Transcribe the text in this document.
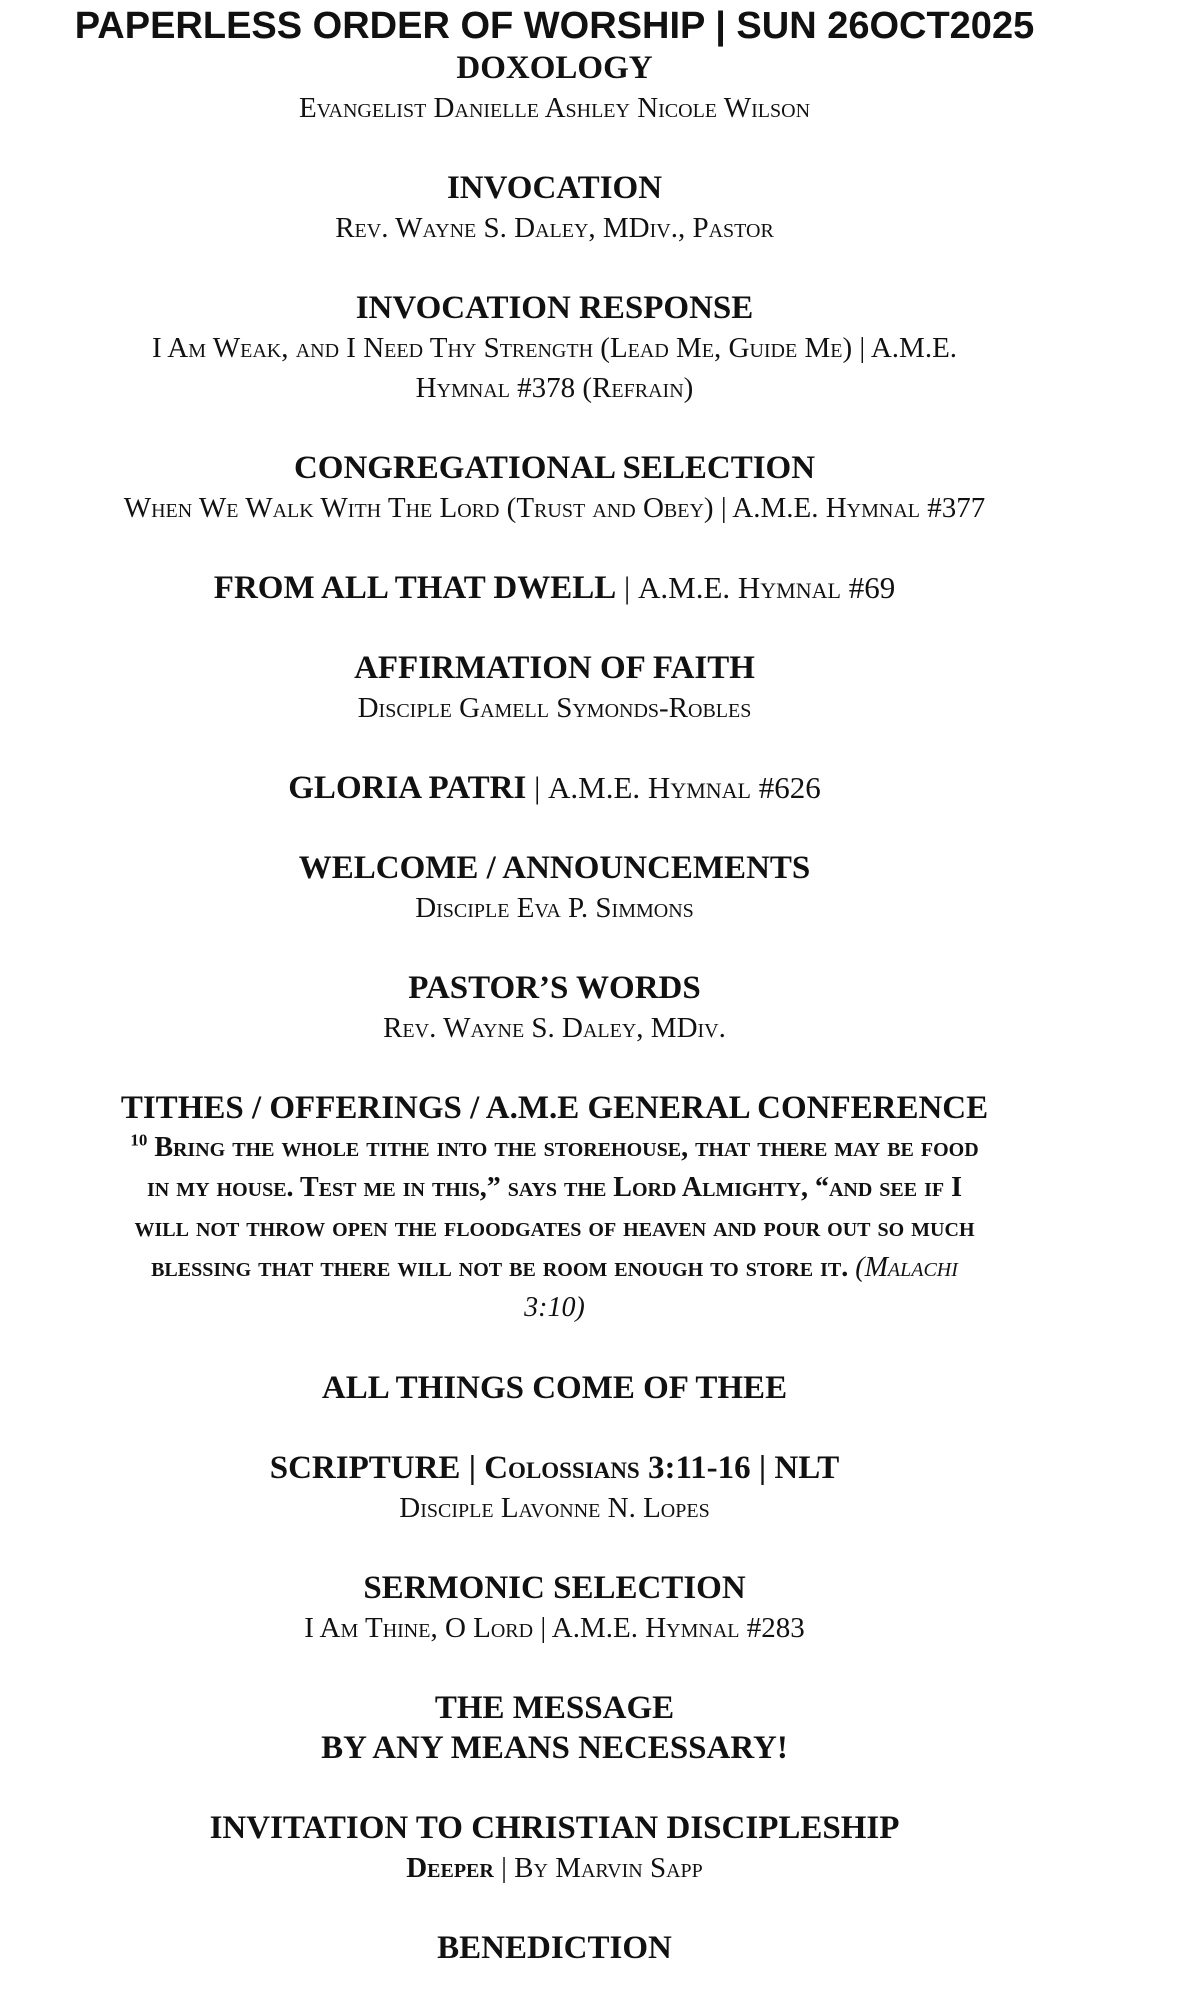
PAPERLESS ORDER OF WORSHIP | SUN 26OCT2025
DOXOLOGY
Evangelist Danielle Ashley Nicole Wilson
INVOCATION
Rev. Wayne S. Daley, MDiv., Pastor
INVOCATION RESPONSE
I Am Weak, and I Need Thy Strength (Lead Me, Guide Me) | A.M.E.
Hymnal #378 (Refrain)
CONGREGATIONAL SELECTION
When We Walk With The Lord (Trust and Obey) | A.M.E. Hymnal #377
FROM ALL THAT DWELL | A.M.E. Hymnal #69
AFFIRMATION OF FAITH
Disciple Gamell Symonds-Robles
GLORIA PATRI | A.M.E. Hymnal #626
WELCOME / ANNOUNCEMENTS
Disciple Eva P. Simmons
PASTOR’S WORDS
Rev. Wayne S. Daley, MDiv.
TITHES / OFFERINGS / A.M.E GENERAL CONFERENCE
$^{10}$ Bring the whole tithe into the storehouse, that there may be food
in my house. Test me in this,” says the Lord Almighty, “and see if I
will not throw open the floodgates of heaven and pour out so much
blessing that there will not be room enough to store it. (Malachi
3:10)
ALL THINGS COME OF THEE
SCRIPTURE | Colossians 3:11-16 | NLT
Disciple Lavonne N. Lopes
SERMONIC SELECTION
I Am Thine, O Lord | A.M.E. Hymnal #283
THE MESSAGE
BY ANY MEANS NECESSARY!
INVITATION TO CHRISTIAN DISCIPLESHIP
Deeper | By Marvin Sapp
BENEDICTION
